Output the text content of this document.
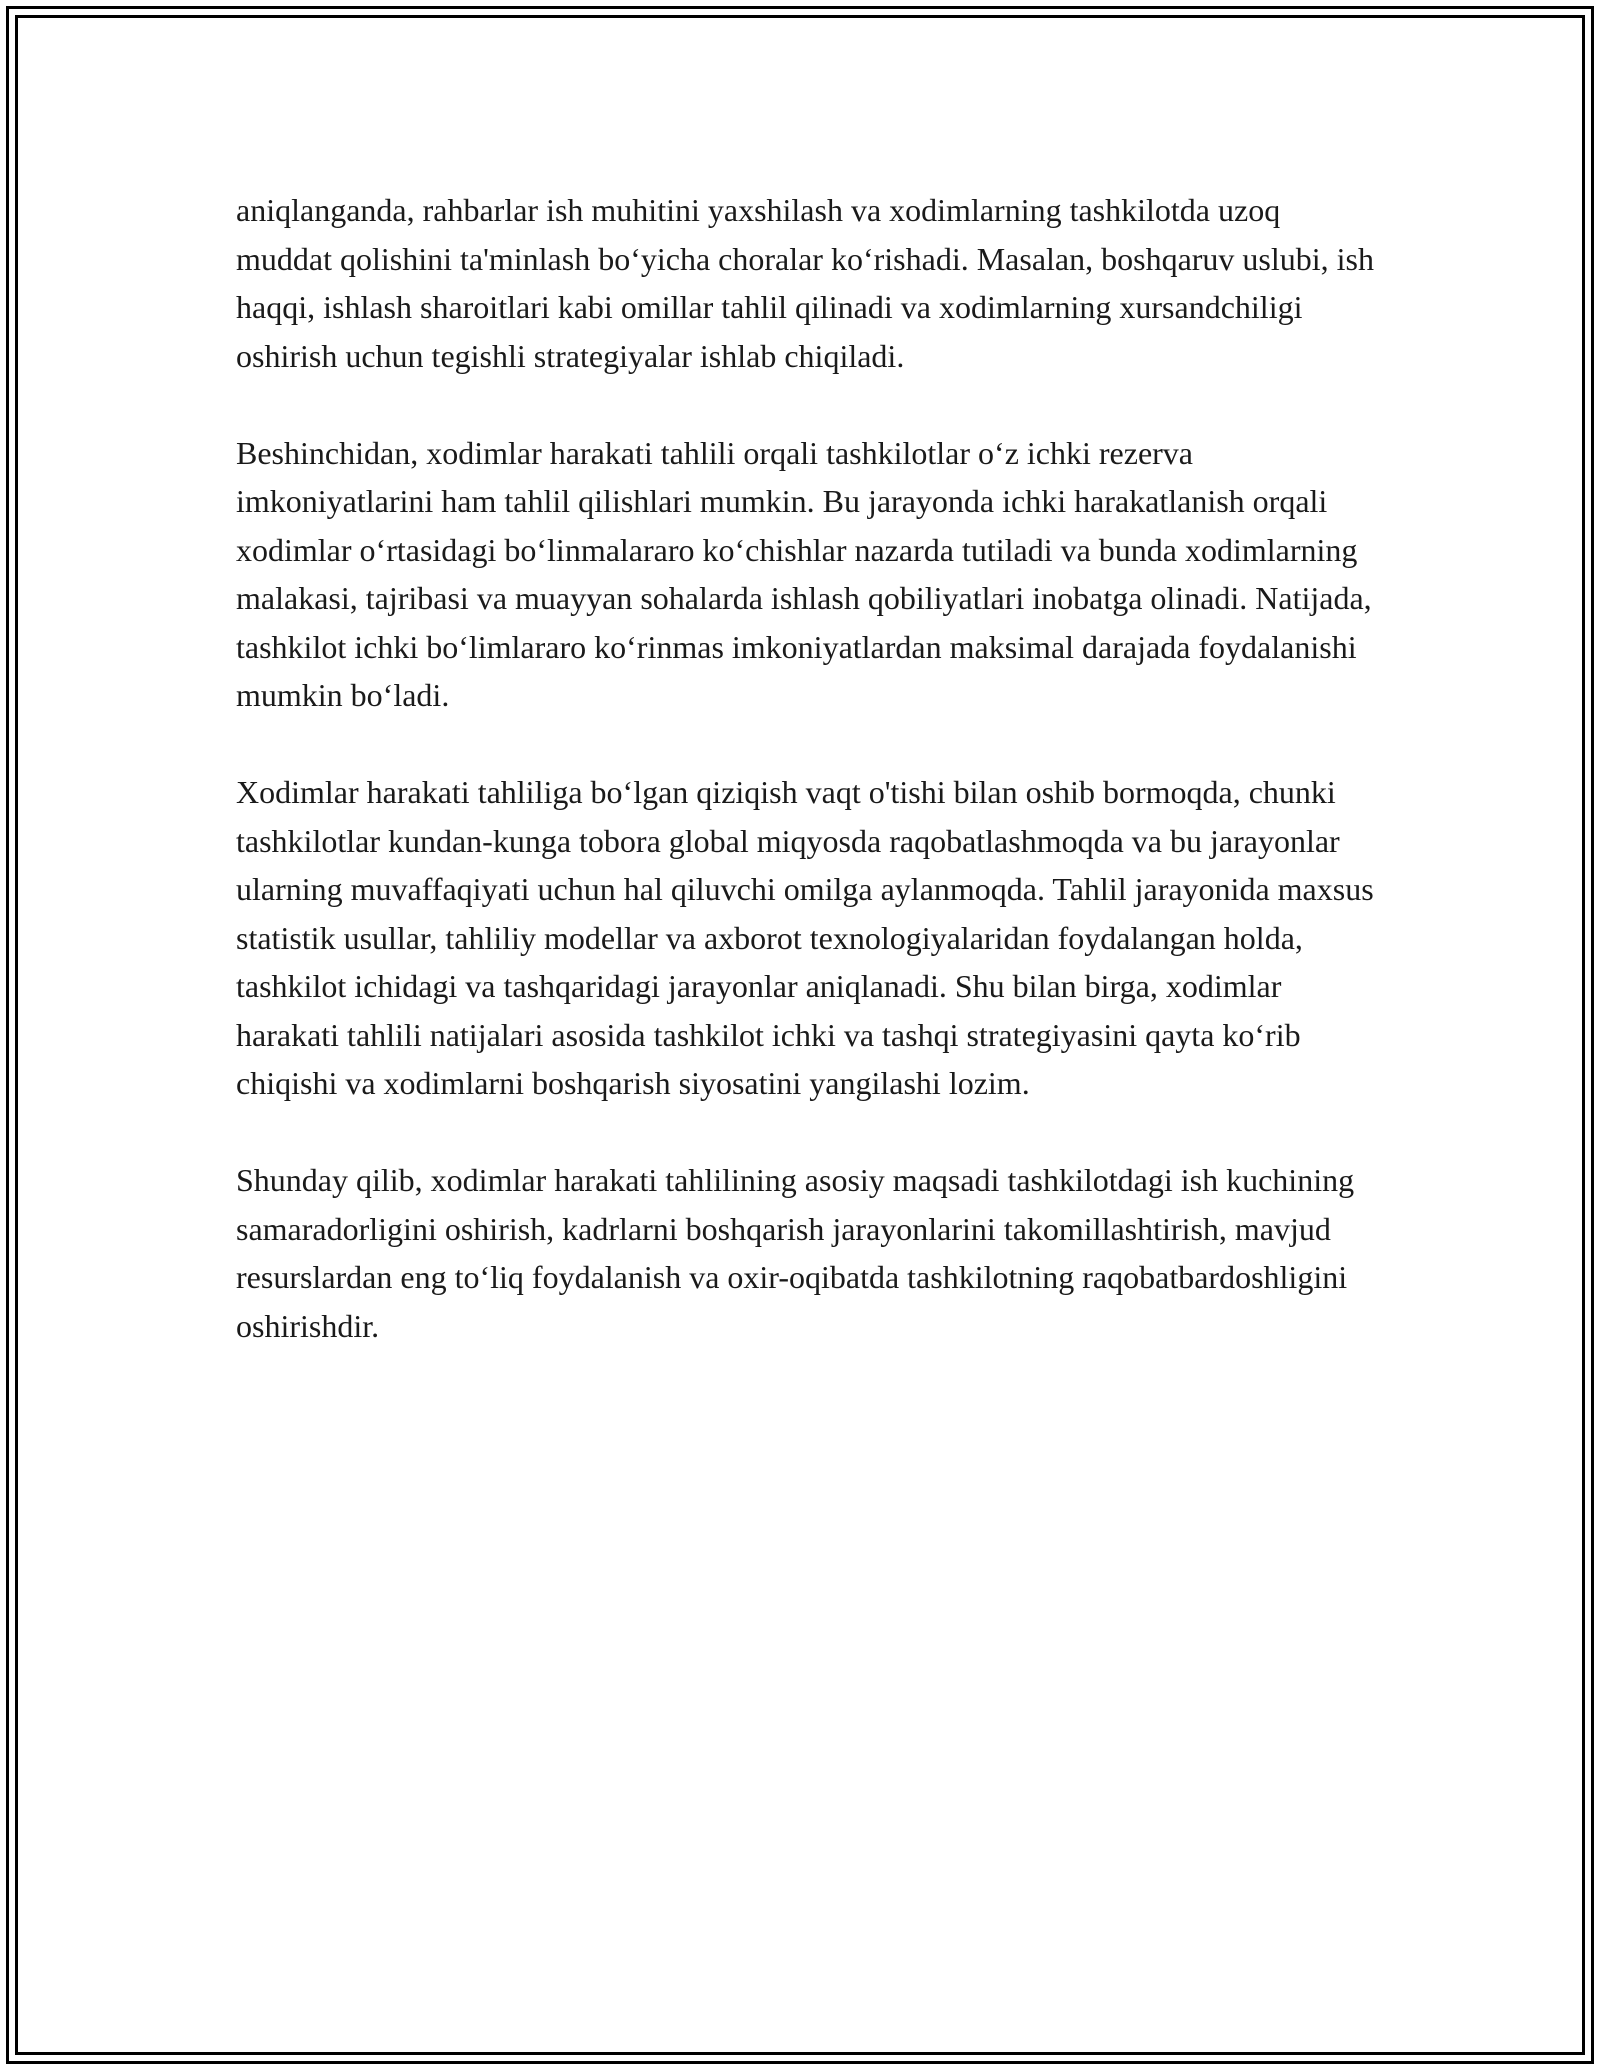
aniqlanganda, rahbarlar ish muhitini yaxshilash va xodimlarning tashkilotda uzoq muddat qolishini ta'minlash bo‘yicha choralar ko‘rishadi. Masalan, boshqaruv uslubi, ish haqqi, ishlash sharoitlari kabi omillar tahlil qilinadi va xodimlarning xursandchiligi oshirish uchun tegishli strategiyalar ishlab chiqiladi.

Beshinchidan, xodimlar harakati tahlili orqali tashkilotlar o‘z ichki rezerva imkoniyatlarini ham tahlil qilishlari mumkin. Bu jarayonda ichki harakatlanish orqali xodimlar o‘rtasidagi bo‘linmalararo ko‘chishlar nazarda tutiladi va bunda xodimlarning malakasi, tajribasi va muayyan sohalarda ishlash qobiliyatlari inobatga olinadi. Natijada, tashkilot ichki bo‘limlararo ko‘rinmas imkoniyatlardan maksimal darajada foydalanishi mumkin bo‘ladi.

Xodimlar harakati tahliliga bo‘lgan qiziqish vaqt o'tishi bilan oshib bormoqda, chunki tashkilotlar kundan-kunga tobora global miqyosda raqobatlashmoqda va bu jarayonlar ularning muvaffaqiyati uchun hal qiluvchi omilga aylanmoqda. Tahlil jarayonida maxsus statistik usullar, tahliliy modellar va axborot texnologiyalaridan foydalangan holda, tashkilot ichidagi va tashqaridagi jarayonlar aniqlanadi. Shu bilan birga, xodimlar harakati tahlili natijalari asosida tashkilot ichki va tashqi strategiyasini qayta ko‘rib chiqishi va xodimlarni boshqarish siyosatini yangilashi lozim.

Shunday qilib, xodimlar harakati tahlilining asosiy maqsadi tashkilotdagi ish kuchining samaradorligini oshirish, kadrlarni boshqarish jarayonlarini takomillashtirish, mavjud resurslardan eng to‘liq foydalanish va oxir-oqibatda tashkilotning raqobatbardoshligini oshirishdir.
